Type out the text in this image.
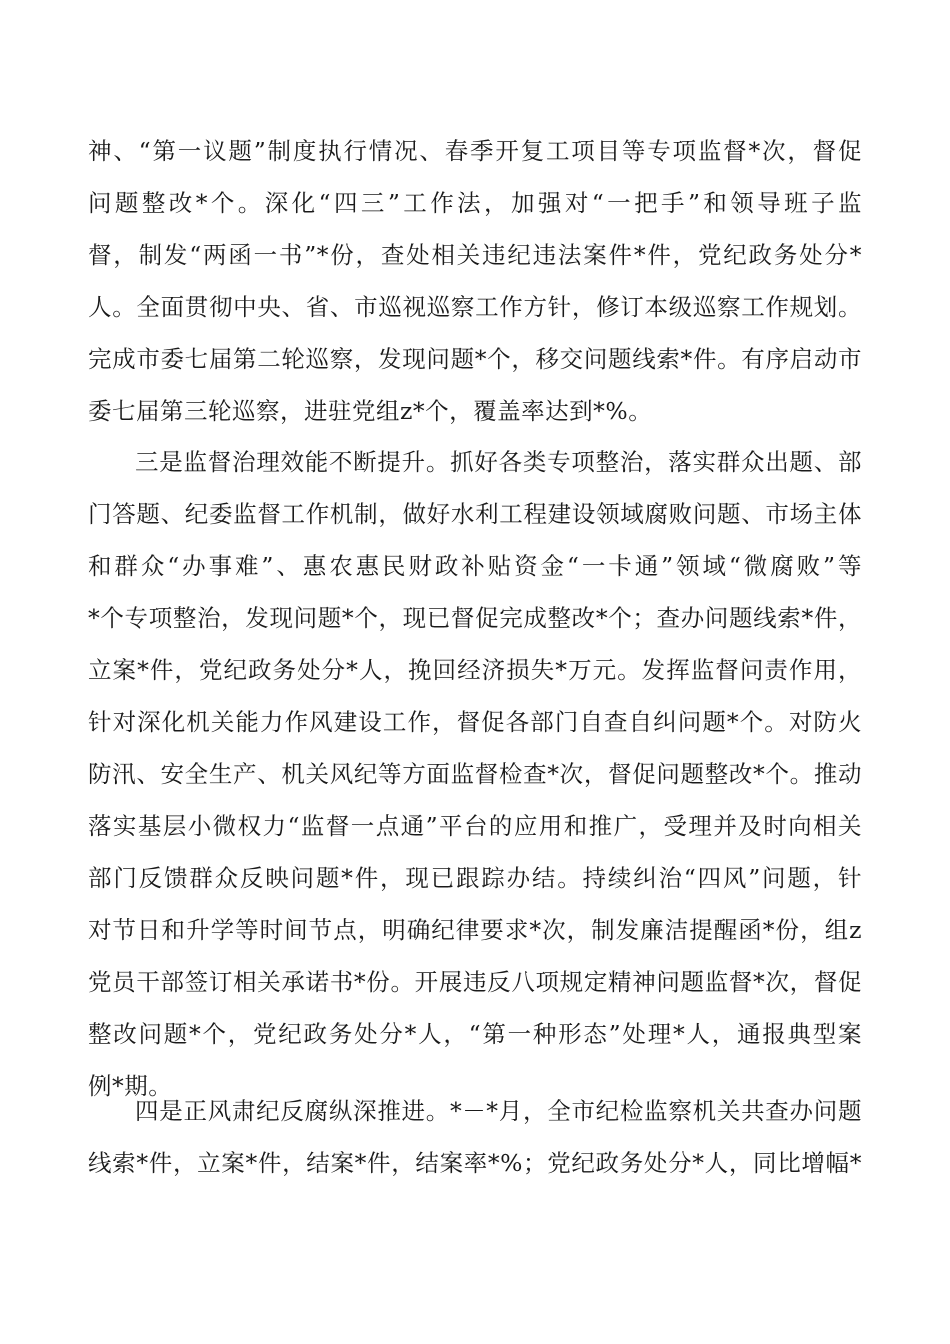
神、“第一议题”制度执行情况、春季开复工项目等专项监督*次，督促
问题整改*个。深化“四三”工作法，加强对“一把手”和领导班子监
督，制发“两函一书”*份，查处相关违纪违法案件*件，党纪政务处分*
人。全面贯彻中央、省、市巡视巡察工作方针，修订本级巡察工作规划。
完成市委七届第二轮巡察，发现问题*个，移交问题线索*件。有序启动市
委七届第三轮巡察，进驻党组z*个，覆盖率达到*%。
三是监督治理效能不断提升。抓好各类专项整治，落实群众出题、部
门答题、纪委监督工作机制，做好水利工程建设领域腐败问题、市场主体
和群众“办事难”、惠农惠民财政补贴资金“一卡通”领域“微腐败”等
*个专项整治，发现问题*个，现已督促完成整改*个；查办问题线索*件，
立案*件，党纪政务处分*人，挽回经济损失*万元。发挥监督问责作用，
针对深化机关能力作风建设工作，督促各部门自查自纠问题*个。对防火
防汛、安全生产、机关风纪等方面监督检查*次，督促问题整改*个。推动
落实基层小微权力“监督一点通”平台的应用和推广，受理并及时向相关
部门反馈群众反映问题*件，现已跟踪办结。持续纠治“四风”问题，针
对节日和升学等时间节点，明确纪律要求*次，制发廉洁提醒函*份，组z
党员干部签订相关承诺书*份。开展违反八项规定精神问题监督*次，督促
整改问题*个，党纪政务处分*人，“第一种形态”处理*人，通报典型案
例*期。
四是正风肃纪反腐纵深推进。*－*月，全市纪检监察机关共查办问题
线索*件，立案*件，结案*件，结案率*%；党纪政务处分*人，同比增幅*
